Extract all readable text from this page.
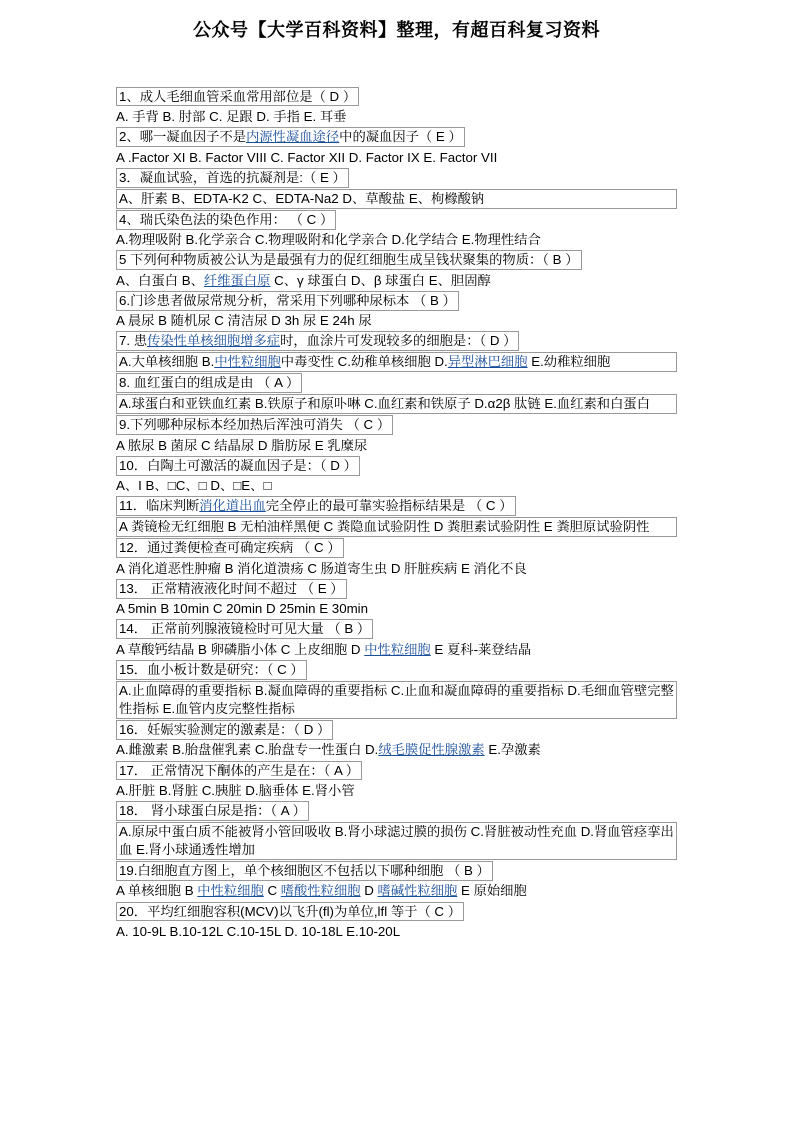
公众号【大学百科资料】整理，有超百科复习资料
1、成人毛细血管采血常用部位是（ D ）
A. 手背 B. 肘部 C. 足跟 D. 手指 E. 耳垂
2、哪一凝血因子不是内源性凝血途径中的凝血因子（ E ）
A .Factor XI B. Factor VIII C. Factor XII D. Factor IX E. Factor VII
3．凝血试验，首选的抗凝剂是:（ E ）
A、肝素 B、EDTA-K2 C、EDTA-Na2 D、草酸盐 E、枸橼酸钠
4、瑞氏染色法的染色作用： （ C ）
A.物理吸附 B.化学亲合 C.物理吸附和化学亲合 D.化学结合 E.物理性结合
5 下列何种物质被公认为是最强有力的促红细胞生成呈钱状聚集的物质：（ B ）
A、白蛋白 B、纤维蛋白原 C、γ 球蛋白 D、β 球蛋白 E、胆固醇
6.门诊患者做尿常规分析，常采用下列哪种尿标本 （ B ）
A 晨尿 B 随机尿 C 清洁尿 D 3h 尿 E 24h 尿
7. 患传染性单核细胞增多症时，血涂片可发现较多的细胞是：（ D ）
A.大单核细胞 B.中性粒细胞中毒变性 C.幼稚单核细胞 D.异型淋巴细胞 E.幼稚粒细胞
8. 血红蛋白的组成是由 （ A ）
A.球蛋白和亚铁血红素 B.铁原子和原卟啉 C.血红素和铁原子 D.α2β 肽链 E.血红素和白蛋白
9.下列哪种尿标本经加热后浑浊可消失 （ C ）
A 脓尿 B 菌尿 C 结晶尿 D 脂肪尿 E 乳糜尿
10．白陶土可激活的凝血因子是：（ D ）
A、I B、□C、□ D、□E、□
11．临床判断消化道出血完全停止的最可靠实验指标结果是 （ C ）
A 粪镜检无红细胞 B 无柏油样黑便 C 粪隐血试验阴性 D 粪胆素试验阴性 E 粪胆原试验阴性
12．通过粪便检查可确定疾病 （ C ）
A 消化道恶性肿瘤 B 消化道溃疡 C 肠道寄生虫 D 肝脏疾病 E 消化不良
13． 正常精液液化时间不超过 （ E ）
A 5min B 10min C 20min D 25min E 30min
14． 正常前列腺液镜检时可见大量 （ B ）
A 草酸钙结晶 B 卵磷脂小体 C 上皮细胞 D 中性粒细胞 E 夏科-莱登结晶
15．血小板计数是研究：（ C ）
A.止血障碍的重要指标 B.凝血障碍的重要指标 C.止血和凝血障碍的重要指标 D.毛细血管壁完整性指标 E.血管内皮完整性指标
16．妊娠实验测定的激素是：（ D ）
A.雌激素 B.胎盘催乳素 C.胎盘专一性蛋白 D.绒毛膜促性腺激素 E.孕激素
17． 正常情况下酮体的产生是在：（ A ）
A.肝脏 B.肾脏 C.胰脏 D.脑垂体 E.肾小管
18． 肾小球蛋白尿是指：（ A ）
A.原尿中蛋白质不能被肾小管回吸收 B.肾小球滤过膜的损伤 C.肾脏被动性充血 D.肾血管痉挛出血 E.肾小球通透性增加
19.白细胞直方图上，单个核细胞区不包括以下哪种细胞 （ B ）
A 单核细胞 B 中性粒细胞 C 嗜酸性粒细胞 D 嗜碱性粒细胞 E 原始细胞
20．平均红细胞容积(MCV)以飞升(fl)为单位,lfl 等于（ C ）
A. 10-9L B.10-12L C.10-15L D. 10-18L E.10-20L
